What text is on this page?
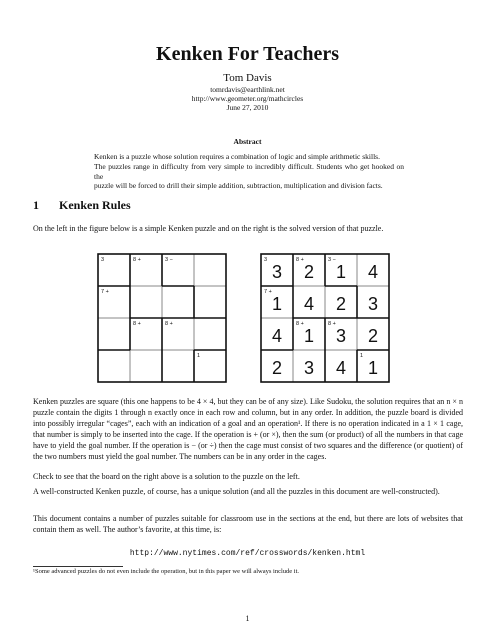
Kenken For Teachers
Tom Davis
tomrdavis@earthlink.net
http://www.geometer.org/mathcircles
June 27, 2010
Abstract
Kenken is a puzzle whose solution requires a combination of logic and simple arithmetic skills.
The puzzles range in difficulty from very simple to incredibly difficult. Students who get hooked on the
puzzle will be forced to drill their simple addition, subtraction, multiplication and division facts.
1 Kenken Rules
On the left in the figure below is a simple Kenken puzzle and on the right is the solved version of that puzzle.
3	8 +	3 −
7 +
8 +	8 +
1
3	8 +	3 −
7 +
8 +	8 +
1
3 2 1 4
1 4 2 3
4 1 3 2
2 3 4 1
Kenken puzzles are square (this one happens to be 4 × 4, but they can be of any size). Like Sudoku, the solution requires that an n × n puzzle contain the digits 1 through n exactly once in each row and column, but in any order. In addition, the puzzle board is divided into possibly irregular “cages”, each with an indication of a goal and an operation¹. If there is no operation indicated in a 1 × 1 cage, that number is simply to be inserted into the cage. If the operation is + (or ×), then the sum (or product) of all the numbers in that cage have to yield the goal number. If the operation is − (or ÷) then the cage must consist of two squares and the difference (or quotient) of the two numbers must yield the goal number. The numbers can be in any order in the cages.
Check to see that the board on the right above is a solution to the puzzle on the left.
A well-constructed Kenken puzzle, of course, has a unique solution (and all the puzzles in this document are well-constructed).
This document contains a number of puzzles suitable for classroom use in the sections at the end, but there are lots of websites that contain them as well. The author’s favorite, at this time, is:
http://www.nytimes.com/ref/crosswords/kenken.html
¹Some advanced puzzles do not even include the operation, but in this paper we will always include it.
1
